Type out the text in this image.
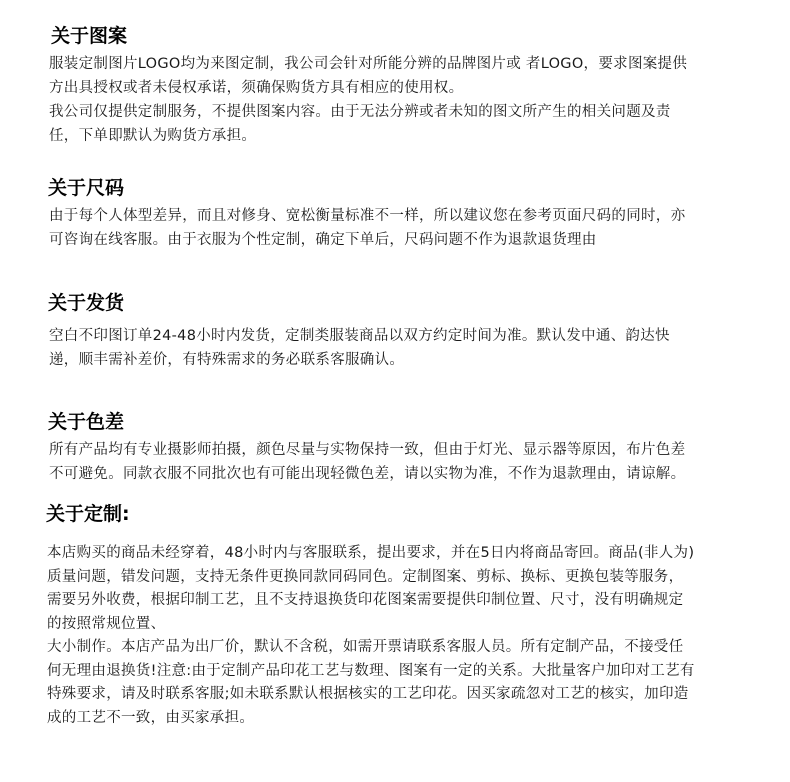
关于图案
服装定制图片LOGO均为来图定制，我公司会针对所能分辨的品牌图片或 者LOGO，要求图案提供
方出具授权或者未侵权承诺，须确保购货方具有相应的使用权。
我公司仅提供定制服务，不提供图案内容。由于无法分辨或者未知的图文所产生的相关问题及责
任，下单即默认为购货方承担。
关于尺码
由于每个人体型差异，而且对修身、宽松衡量标准不一样，所以建议您在参考页面尺码的同时，亦
可咨询在线客服。由于衣服为个性定制，确定下单后，尺码问题不作为退款退货理由
关于发货
空白不印图订单24-48小时内发货，定制类服装商品以双方约定时间为准。默认发中通、韵达快
递，顺丰需补差价，有特殊需求的务必联系客服确认。
关于色差
所有产品均有专业摄影师拍摄，颜色尽量与实物保持一致，但由于灯光、显示器等原因，布片色差
不可避免。同款衣服不同批次也有可能出现轻微色差，请以实物为准，不作为退款理由，请谅解。
关于定制:
本店购买的商品未经穿着，48小时内与客服联系，提出要求，并在5日内将商品寄回。商品(非人为)
质量问题，错发问题，支持无条件更换同款同码同色。定制图案、剪标、换标、更换包装等服务，
需要另外收费，根据印制工艺，且不支持退换货印花图案需要提供印制位置、尺寸，没有明确规定
的按照常规位置、
大小制作。本店产品为出厂价，默认不含税，如需开票请联系客服人员。所有定制产品，不接受任
何无理由退换货!注意:由于定制产品印花工艺与数理、图案有一定的关系。大批量客户加印对工艺有
特殊要求，请及时联系客服;如未联系默认根据核实的工艺印花。因买家疏忽对工艺的核实，加印造
成的工艺不一致，由买家承担。
